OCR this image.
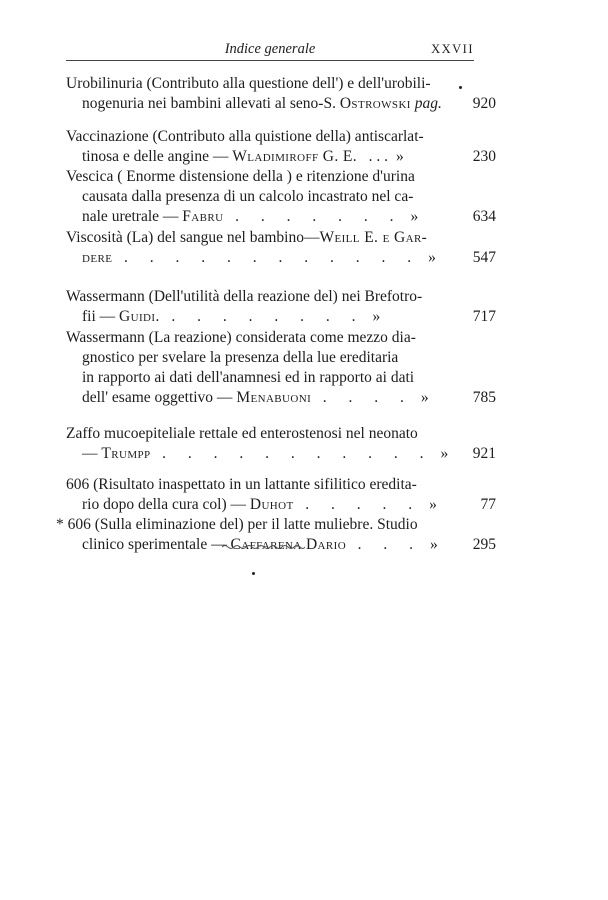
Indice generale	XXVII
Urobilinuria (Contributo alla questione dell') e dell'urobili-
nogenuria nei bambini allevati al seno-S. Ostrowski pag.	920
Vaccinazione (Contributo alla quistione della) antiscarlat-
tinosa e delle angine — Wladimiroff G. E. . . . »	230
Vescica ( Enorme distensione della ) e ritenzione d'urina
causata dalla presenza di un calcolo incastrato nel ca-
nale uretrale — Fabru . . . . . . . »	634
Viscosità (La) del sangue nel bambino—Weill E. e Gar-
dere . . . . . . . . . . . . »	547
Wassermann (Dell'utilità della reazione del) nei Brefotro-
fii — Guidi. . . . . . . . . »	717
Wassermann (La reazione) considerata come mezzo dia-
gnostico per svelare la presenza della lue ereditaria
in rapporto ai dati dell'anamnesi ed in rapporto ai dati
dell' esame oggettivo — Menabuoni . . . . »	785
Zaffo mucoepiteliale rettale ed enterostenosi nel neonato
— Trumpp . . . . . . . . . . . »	921
606 (Risultato inaspettato in un lattante sifilitico eredita-
rio dopo della cura col) — Duhot . . . . . »	77
* 606 (Sulla eliminazione del) per il latte muliebre. Studio
clinico sperimentale — Caffarena Dario . . . »	295
